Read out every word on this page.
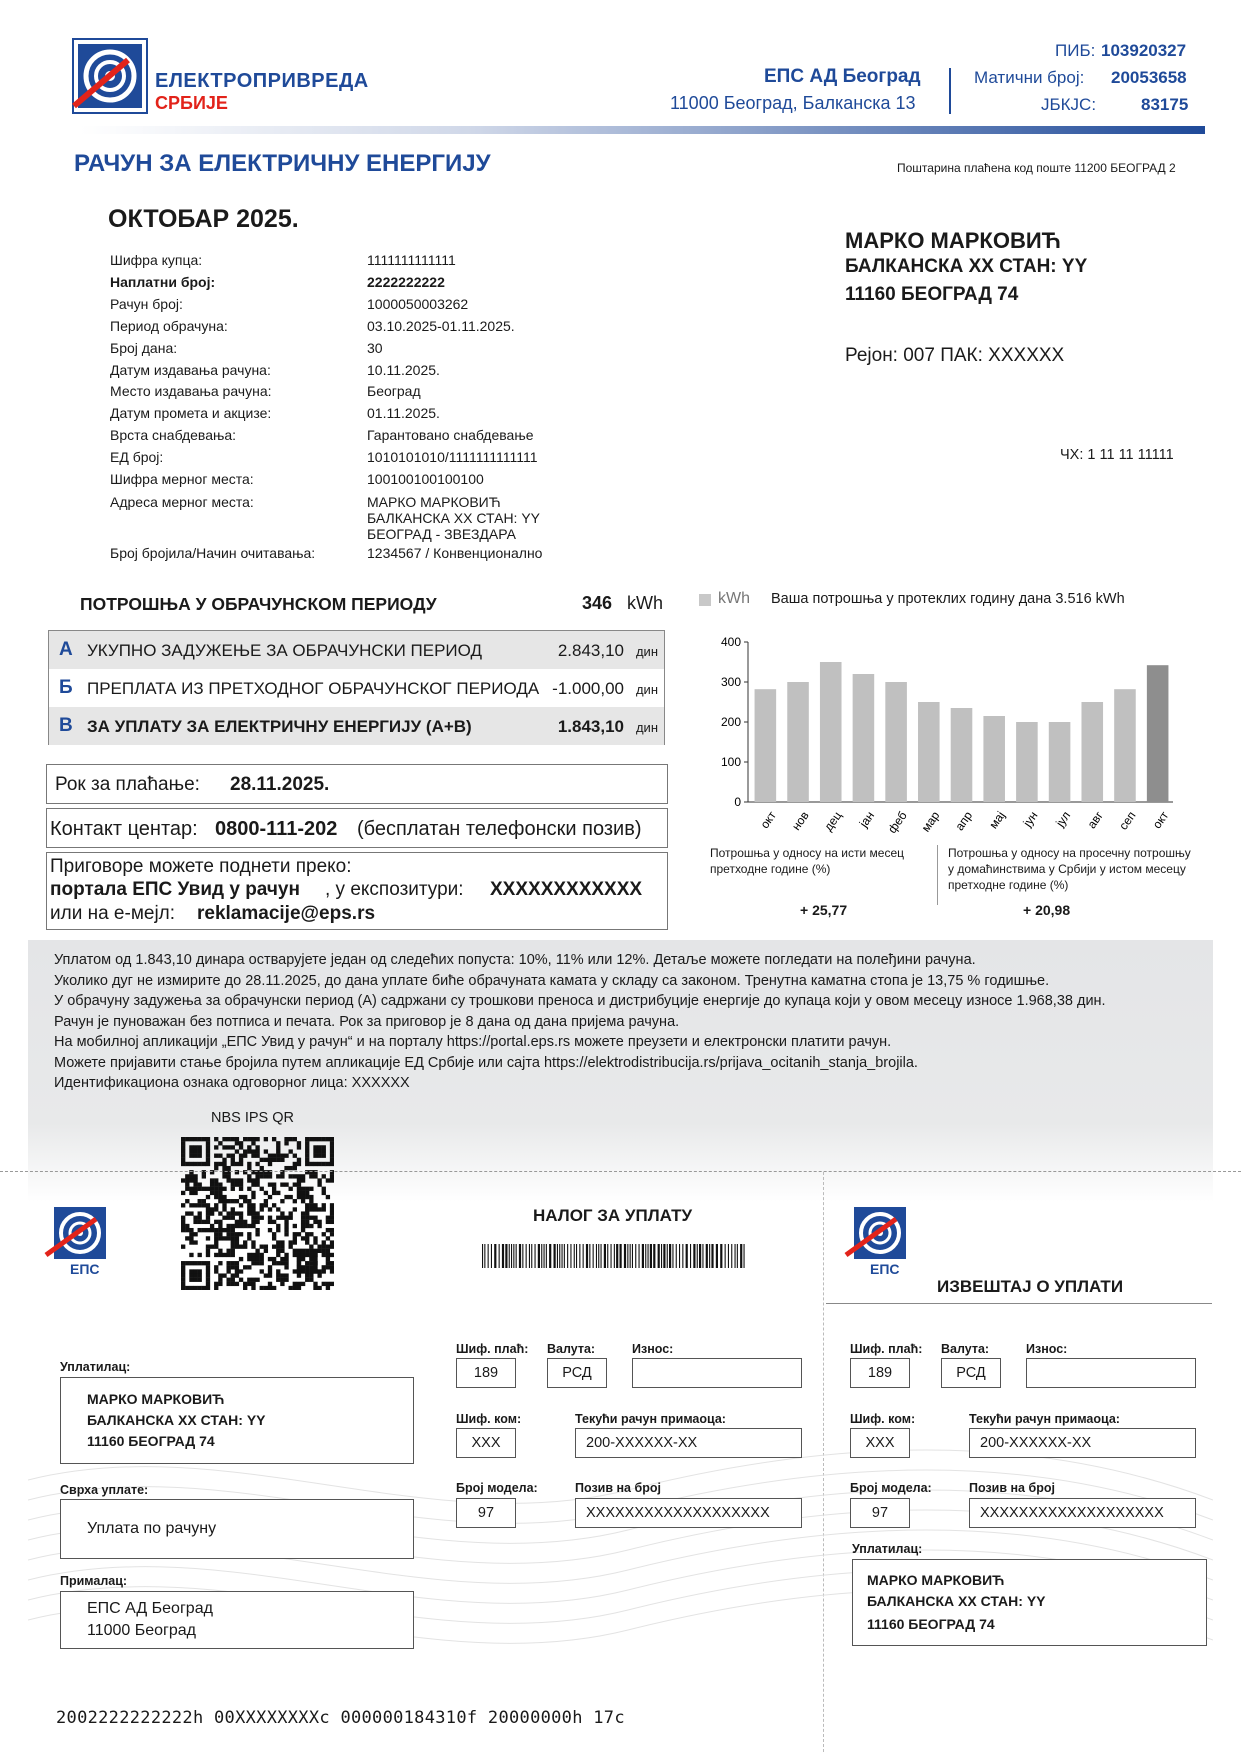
ЕЛЕКТРОПРИВРЕДА
СРБИЈЕ
ЕПС АД Београд
11000 Београд, Балканска 13
ПИБ: 103920327
Матични број: 20053658
ЈБКЈС:	83175
РАЧУН ЗА ЕЛЕКТРИЧНУ ЕНЕРГИЈУ	Поштарина плаћена код поште 11200 БЕОГРАД 2
ОКТОБАР 2025.
Шифра купца:	1111111111111
Наплатни број:	2222222222
Рачун број:	1000050003262
Период обрачуна:	03.10.2025-01.11.2025.
Број дана:	30
Датум издавања рачуна:	10.11.2025.
Место издавања рачуна:	Београд
Датум промета и акцизе:	01.11.2025.
Врста снабдевања:	Гарантовано снабдевање
ЕД број:	1010101010/1111111111111
Шифра мерног места:	100100100100100
Адреса мерног места:	МАРКО МАРКОВИЋ
БАЛКАНСКА XX СТАН: YY
БЕОГРАД - ЗВЕЗДАРА
Број бројила/Начин очитавања:	1234567 / Конвенционално
МАРКО МАРКОВИЋ
БАЛКАНСКА XX СТАН: YY
11160 БЕОГРАД 74
Рејон: 007 ПАК: XXXXXX
ЧХ: 1 11 11 11111
ПОТРОШЊА У ОБРАЧУНСКОМ ПЕРИОДУ	346 kWh
А УКУПНО ЗАДУЖЕЊЕ ЗА ОБРАЧУНСКИ ПЕРИОД	2.843,10 дин
Б ПРЕПЛАТА ИЗ ПРЕТХОДНОГ ОБРАЧУНСКОГ ПЕРИОДА -1.000,00 дин
В ЗА УПЛАТУ ЗА ЕЛЕКТРИЧНУ ЕНЕРГИЈУ (А+В)	1.843,10 дин
Рок за плаћање: 28.11.2025.
Контакт центар: 0800-111-202 (бесплатан телефонски позив)
Приговоре можете поднети преко:
портала ЕПС Увид у рачун , у експозитури: XXXXXXXXXXXX
или на е-мејл: reklamacije@eps.rs
kWh Ваша потрошња у протеклих годину дана 3.516 kWh
0
100
200
300
400
окт нов дец јан феб мар апр мај јун јул авг сеп окт
Потрошња у односу на исти месец претходне године (%)
Потрошња у односу на просечну потрошњу у домаћинствима у Србији у истом месецу претходне године (%)
+ 25,77	+ 20,98
Уплатом од 1.843,10 динара остварујете један од следећих попуста: 10%, 11% или 12%. Детаље можете погледати на полеђини рачуна.
Уколико дуг не измирите до 28.11.2025, до дана уплате биће обрачуната камата у складу са законом. Тренутна каматна стопа је 13,75 % годишње.
У обрачуну задужења за обрачунски период (А) садржани су трошкови преноса и дистрибуције енергије до купаца који у овом месецу износе 1.968,38 дин.
Рачун је пуноважан без потписа и печата. Рок за приговор је 8 дана од дана пријема рачуна.
На мобилној апликацији „ЕПС Увид у рачун“ и на порталу https://portal.eps.rs можете преузети и електронски платити рачун.
Можете пријавити стање бројила путем апликације ЕД Србије или сајта https://elektrodistribucija.rs/prijava_ocitanih_stanja_brojila.
Идентификациона ознака одговорног лица: XXXXXX
NBS IPS QR
ЕПС	ЕПС
НАЛОГ ЗА УПЛАТУ
ИЗВЕШТАЈ О УПЛАТИ
Уплатилац:
МАРКО МАРКОВИЋ
БАЛКАНСКА XX СТАН: YY
11160 БЕОГРАД 74
Сврха уплате:
Уплата по рачуну
Прималац:
ЕПС АД Београд
11000 Београд
Шиф. плаћ:
189
Валута:
РСД
Износ:
Шиф. ком:
XXX
Текући рачун примаоца:
200-XXXXXX-XX
Број модела:
97
Позив на број
XXXXXXXXXXXXXXXXXXX
Шиф. плаћ:
189
Валута:
РСД
Износ:
Шиф. ком:
XXX
Текући рачун примаоца:
200-XXXXXX-XX
Број модела:
97
Позив на број
XXXXXXXXXXXXXXXXXXX
Уплатилац:
МАРКО МАРКОВИЋ
БАЛКАНСКА XX СТАН: YY
11160 БЕОГРАД 74
2002222222222h 00XXXXXXXXc 000000184310f 20000000h 17c
